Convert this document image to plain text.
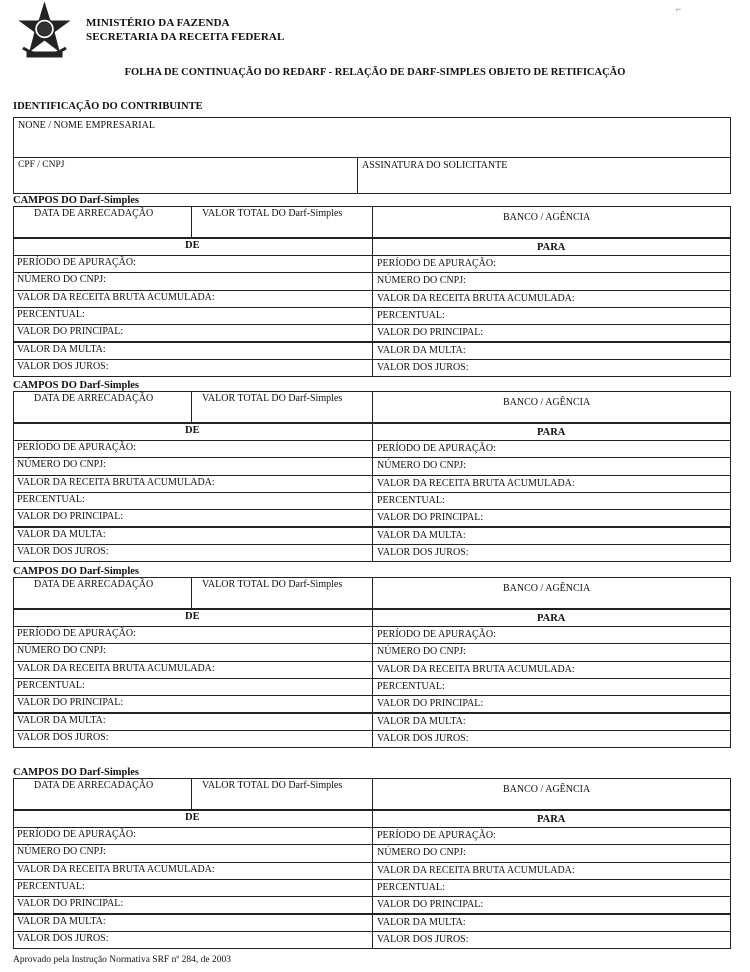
MINISTÉRIO DA FAZENDA
SECRETARIA DA RECEITA FEDERAL
⌐
FOLHA DE CONTINUAÇÃO DO REDARF - RELAÇÃO DE DARF-SIMPLES OBJETO DE RETIFICAÇÃO
IDENTIFICAÇÃO DO CONTRIBUINTE
NONE / NOME EMPRESARIAL
CPF / CNPJ	ASSINATURA DO SOLICITANTE
CAMPOS DO Darf-Simples
DATA DE ARRECADAÇÃO	VALOR TOTAL DO Darf-Simples	BANCO / AGÊNCIA
DE	PARA
PERÍODO DE APURAÇÃO:	PERÍODO DE APURAÇÃO:
NÚMERO DO CNPJ:	NÚMERO DO CNPJ:
VALOR DA RECEITA BRUTA ACUMULADA:	VALOR DA RECEITA BRUTA ACUMULADA:
PERCENTUAL:	PERCENTUAL:
VALOR DO PRINCIPAL:	VALOR DO PRINCIPAL:
VALOR DA MULTA:	VALOR DA MULTA:
VALOR DOS JUROS:	VALOR DOS JUROS:
CAMPOS DO Darf-Simples
DATA DE ARRECADAÇÃO	VALOR TOTAL DO Darf-Simples	BANCO / AGÊNCIA
DE	PARA
PERÍODO DE APURAÇÃO:	PERÍODO DE APURAÇÃO:
NÚMERO DO CNPJ:	NÚMERO DO CNPJ:
VALOR DA RECEITA BRUTA ACUMULADA:	VALOR DA RECEITA BRUTA ACUMULADA:
PERCENTUAL:	PERCENTUAL:
VALOR DO PRINCIPAL:	VALOR DO PRINCIPAL:
VALOR DA MULTA:	VALOR DA MULTA:
VALOR DOS JUROS:	VALOR DOS JUROS:
CAMPOS DO Darf-Simples
DATA DE ARRECADAÇÃO	VALOR TOTAL DO Darf-Simples	BANCO / AGÊNCIA
DE	PARA
PERÍODO DE APURAÇÃO:	PERÍODO DE APURAÇÃO:
NÚMERO DO CNPJ:	NÚMERO DO CNPJ:
VALOR DA RECEITA BRUTA ACUMULADA:	VALOR DA RECEITA BRUTA ACUMULADA:
PERCENTUAL:	PERCENTUAL:
VALOR DO PRINCIPAL:	VALOR DO PRINCIPAL:
VALOR DA MULTA:	VALOR DA MULTA:
VALOR DOS JUROS:	VALOR DOS JUROS:
CAMPOS DO Darf-Simples
DATA DE ARRECADAÇÃO	VALOR TOTAL DO Darf-Simples	BANCO / AGÊNCIA
DE	PARA
PERÍODO DE APURAÇÃO:	PERÍODO DE APURAÇÃO:
NÚMERO DO CNPJ:	NÚMERO DO CNPJ:
VALOR DA RECEITA BRUTA ACUMULADA:	VALOR DA RECEITA BRUTA ACUMULADA:
PERCENTUAL:	PERCENTUAL:
VALOR DO PRINCIPAL:	VALOR DO PRINCIPAL:
VALOR DA MULTA:	VALOR DA MULTA:
VALOR DOS JUROS:	VALOR DOS JUROS:
Aprovado pela Instrução Normativa SRF nº 284, de 2003
